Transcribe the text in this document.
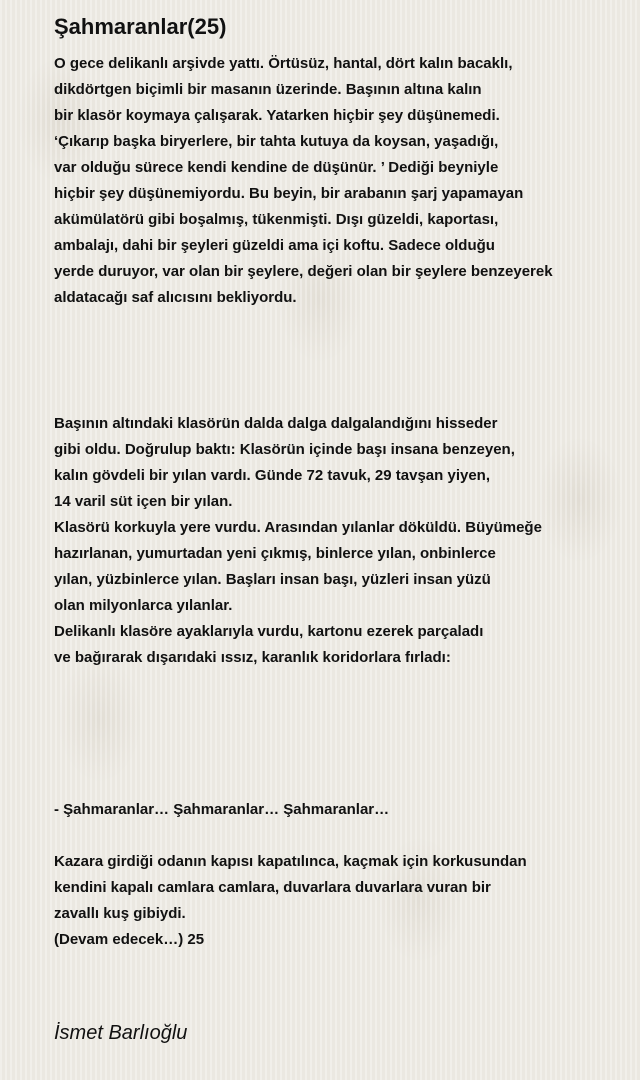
Şahmaranlar(25)
O gece delikanlı arşivde yattı. Örtüsüz, hantal, dört kalın bacaklı,
dikdörtgen biçimli bir masanın üzerinde. Başının altına kalın
bir klasör koymaya çalışarak. Yatarken hiçbir şey düşünemedi.
‘Çıkarıp başka biryerlere, bir tahta kutuya da koysan, yaşadığı,
var olduğu sürece kendi kendine de düşünür. ’ Dediği beyniyle
hiçbir şey düşünemiyordu. Bu beyin, bir arabanın şarj yapamayan
akümülatörü gibi boşalmış, tükenmişti. Dışı güzeldi, kaportası,
ambalajı, dahi bir şeyleri güzeldi ama içi koftu. Sadece olduğu
yerde duruyor, var olan bir şeylere, değeri olan bir şeylere benzeyerek
aldatacağı saf alıcısını bekliyordu.
Başının altındaki klasörün dalda dalga dalgalandığını hisseder
gibi oldu. Doğrulup baktı: Klasörün içinde başı insana benzeyen,
kalın gövdeli bir yılan vardı. Günde 72 tavuk, 29 tavşan yiyen,
14 varil süt içen bir yılan.
Klasörü korkuyla yere vurdu. Arasından yılanlar döküldü. Büyümeğe
hazırlanan, yumurtadan yeni çıkmış, binlerce yılan, onbinlerce
yılan, yüzbinlerce yılan. Başları insan başı, yüzleri insan yüzü
olan milyonlarca yılanlar.
Delikanlı klasöre ayaklarıyla vurdu, kartonu ezerek parçaladı
ve bağırarak dışarıdaki ıssız, karanlık koridorlara fırladı:
- Şahmaranlar… Şahmaranlar… Şahmaranlar…
Kazara girdiği odanın kapısı kapatılınca, kaçmak için korkusundan
kendini kapalı camlara camlara, duvarlara duvarlara vuran bir
zavallı kuş gibiydi.
(Devam edecek…) 25
İsmet Barlıoğlu
